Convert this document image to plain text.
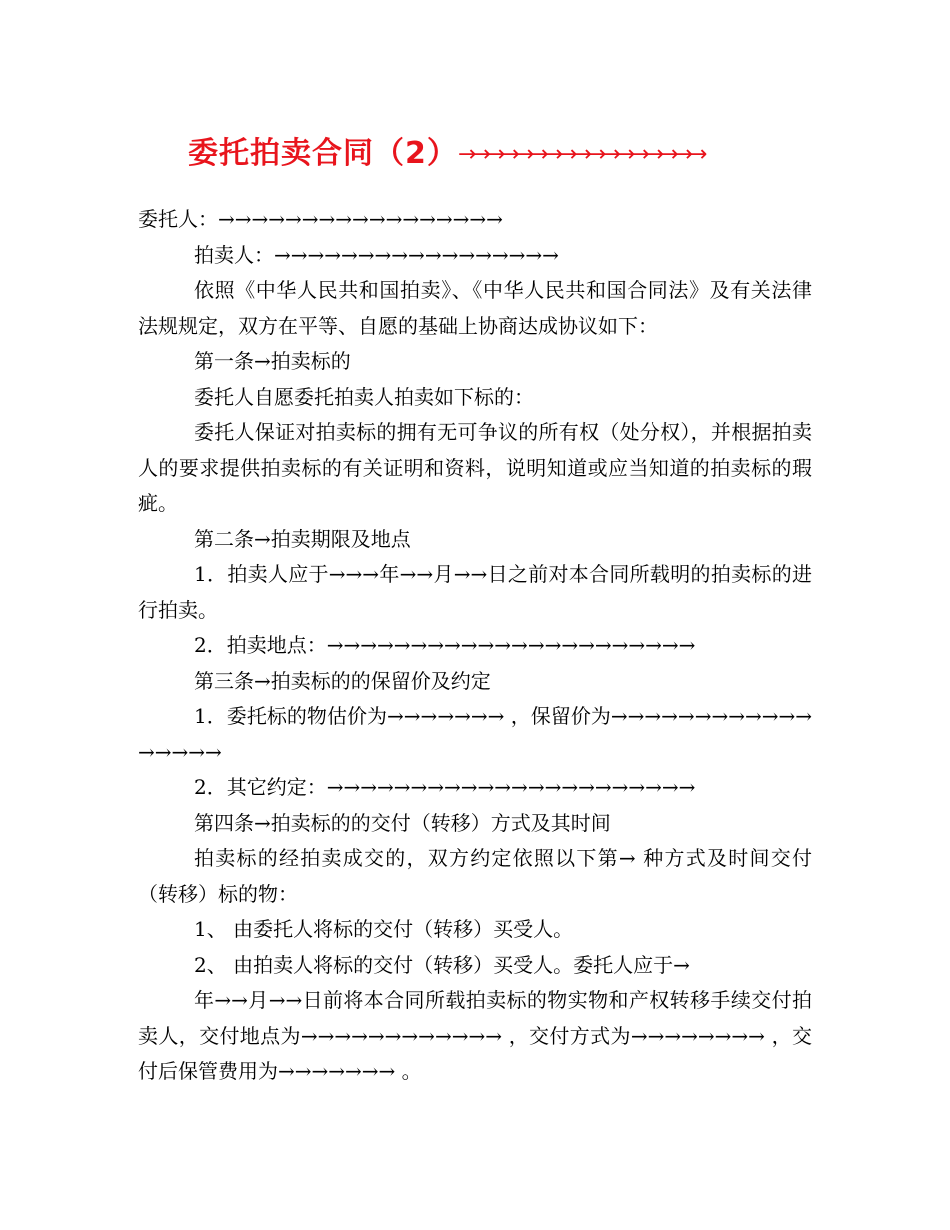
委托拍卖合同（2）→→→→→→→→→→→→→→→→→

委托人：→→→→→→→→→→→→→→→→→

拍卖人：→→→→→→→→→→→→→→→→→

依照《中华人民共和国拍卖》、《中华人民共和国合同法》及有关法律法规规定，双方在平等、自愿的基础上协商达成协议如下：

第一条→拍卖标的

委托人自愿委托拍卖人拍卖如下标的：

委托人保证对拍卖标的拥有无可争议的所有权（处分权），并根据拍卖人的要求提供拍卖标的有关证明和资料，说明知道或应当知道的拍卖标的瑕疵。

第二条→拍卖期限及地点

1．拍卖人应于→→→年→→月→→日之前对本合同所载明的拍卖标的进行拍卖。

2．拍卖地点：→→→→→→→→→→→→→→→→→→→→→→

第三条→拍卖标的的保留价及约定

1．委托标的物估价为→→→→→→→ ，保留价为→→→→→→→→→→→→→→→→→

2．其它约定：→→→→→→→→→→→→→→→→→→→→→→

第四条→拍卖标的的交付（转移）方式及其时间

拍卖标的经拍卖成交的，双方约定依照以下第→ 种方式及时间交付（转移）标的物：

1、 由委托人将标的交付（转移）买受人。

2、 由拍卖人将标的交付（转移）买受人。委托人应于→

年→→月→→日前将本合同所载拍卖标的物实物和产权转移手续交付拍卖人，交付地点为→→→→→→→→→→→→ ，交付方式为→→→→→→→→ ，交付后保管费用为→→→→→→→ 。
